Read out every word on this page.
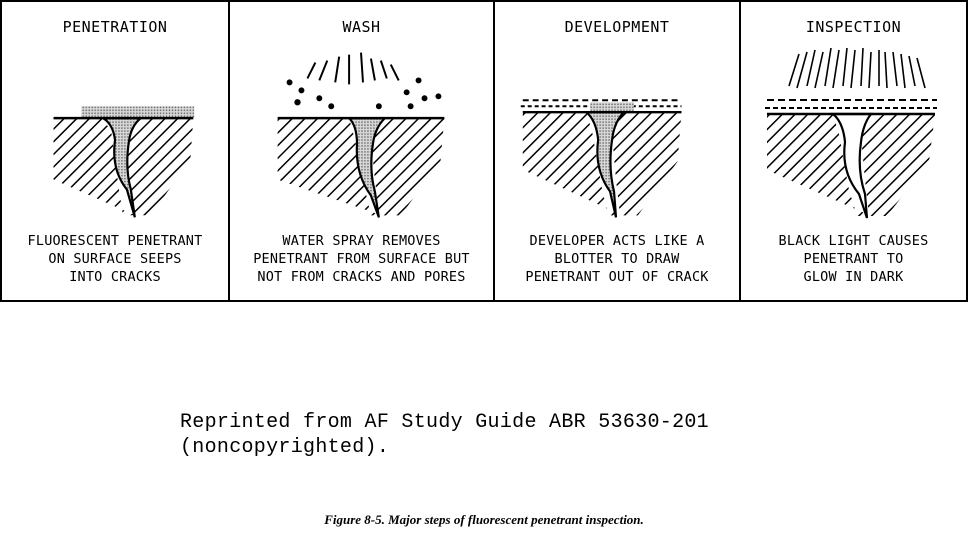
PENETRATION
FLUORESCENT PENETRANT
ON SURFACE SEEPS
INTO CRACKS
WASH
WATER SPRAY REMOVES
PENETRANT FROM SURFACE BUT
NOT FROM CRACKS AND PORES
DEVELOPMENT
DEVELOPER ACTS LIKE A
BLOTTER TO DRAW
PENETRANT OUT OF CRACK
INSPECTION
BLACK LIGHT CAUSES
PENETRANT TO
GLOW IN DARK
Reprinted from AF Study Guide ABR 53630-201
(noncopyrighted).
Figure 8-5. Major steps of fluorescent penetrant inspection.
